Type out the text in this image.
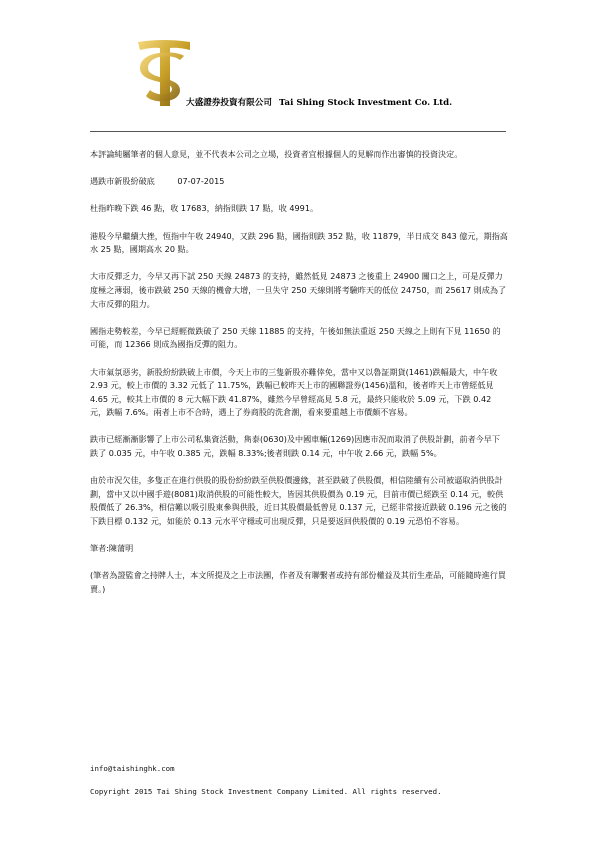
大盛證券投資有限公司 Tai Shing Stock Investment Co. Ltd.

本評論純屬筆者的個人意見，並不代表本公司之立場，投資者宜根據個人的見解而作出審慎的投資決定。

遇跌市新股紛破底	07-07-2015

杜指昨晚下跌 46 點，收 17683，納指則跌 17 點，收 4991。

港股今早繼續大挫，恆指中午收 24940，又跌 296 點，國指則跌 352 點，收 11879，半日成交 843 億元，期指高水 25 點，國期高水 20 點。

大市反彈乏力，今早又再下試 250 天線 24873 的支持，雖然低見 24873 之後重上 24900 關口之上，可是反彈力度極之薄弱，後市跌破 250 天線的機會大增，一旦失守 250 天線則將考驗昨天的低位 24750，而 25617 則成為了大市反彈的阻力。

國指走勢較差，今早已經輕微跌破了 250 天線 11885 的支持，午後如無法重返 250 天線之上則有下見 11650 的可能，而 12366 則成為國指反彈的阻力。

大市氣氛惡劣，新股紛紛跌破上市價，今天上市的三隻新股亦難倖免，當中又以魯証期貨(1461)跌幅最大，中午收 2.93 元，較上市價的 3.32 元低了 11.75%，跌幅已較昨天上市的國聯證券(1456)溫和，後者昨天上市曾經低見 4.65 元，較其上市價的 8 元大幅下跌 41.87%，雖然今早曾經高見 5.8 元，最終只能收於 5.09 元，下跌 0.42 元，跌幅 7.6%。兩者上市不合時，遇上了券商股的洗倉潮，看來要重越上市價頗不容易。

跌市已經漸漸影響了上市公司私集資活動，雋泰(0630)及中國車輛(1269)因應市況而取消了供股計劃，前者今早下跌了 0.035 元，中午收 0.385 元，跌幅 8.33%;後者則跌 0.14 元，中午收 2.66 元，跌幅 5%。

由於市況欠佳，多隻正在進行供股的股份紛紛跌至供股價邊緣，甚至跌破了供股價，相信陸續有公司被逼取消供股計劃，當中又以中國手遊(8081)取消供股的可能性較大，皆因其供股價為 0.19 元，目前市價已經跌至 0.14 元，較供股價低了 26.3%，相信難以吸引股東參與供股，近日其股價最低曾見 0.137 元，已經非常接近跌破 0.196 元之後的下跌目標 0.132 元，如能於 0.13 元水平守穩或可出現反彈，只是要返回供股價的 0.19 元恐怕不容易。

筆者:陳蒲明

(筆者為證監會之持牌人士，本文所提及之上市法團，作者及有聯繫者或持有部份權益及其衍生產品，可能隨時進行買賣。)

info@taishinghk.com
Copyright 2015 Tai Shing Stock Investment Company Limited. All rights reserved.
